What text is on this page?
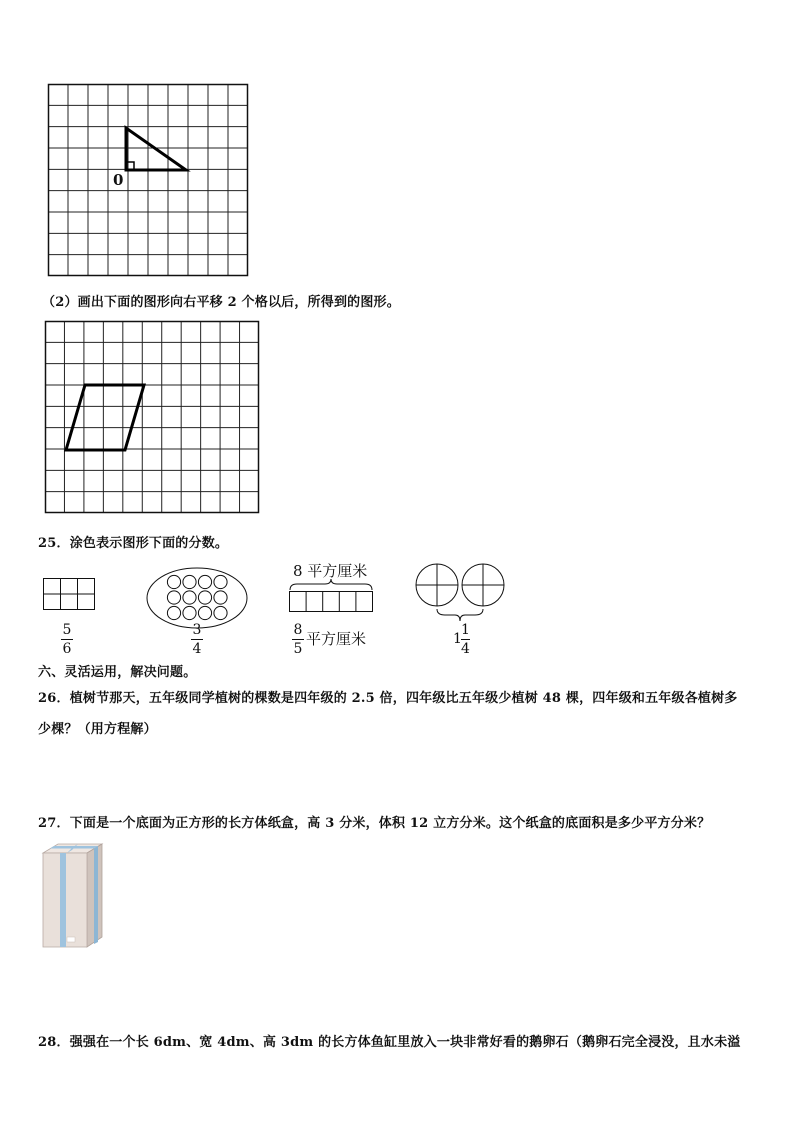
0
（2）画出下面的图形向右平移 2 个格以后，所得到的图形。
25．涂色表示图形下面的分数。
5
6
3
4
8 平方厘米
8
5
平方厘米	1
1
4
六、灵活运用，解决问题。
26．植树节那天，五年级同学植树的棵数是四年级的 2.5 倍，四年级比五年级少植树 48 棵，四年级和五年级各植树多
少棵？（用方程解）
27．下面是一个底面为正方形的长方体纸盒，高 3 分米，体积 12 立方分米。这个纸盒的底面积是多少平方分米？
28．强强在一个长 6dm、宽 4dm、高 3dm 的长方体鱼缸里放入一块非常好看的鹅卵石（鹅卵石完全浸没，且水未溢
